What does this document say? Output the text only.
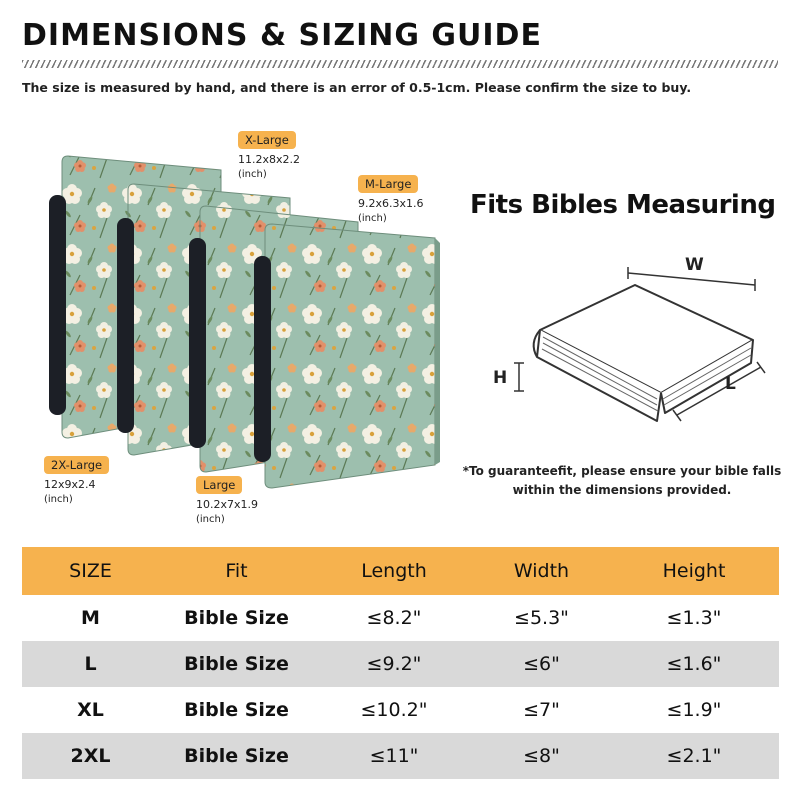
DIMENSIONS & SIZING GUIDE

The size is measured by hand, and there is an error of 0.5-1cm. Please confirm the size to buy.

X-Large
11.2x8x2.2
(inch)
M-Large
9.2x6.3x1.6
(inch)
2X-Large
12x9x2.4
(inch)
Large
10.2x7x1.9
(inch)
Fits Bibles Measuring
W
H	L
*To guaranteefit, please ensure your bible falls
within the dimensions provided.
SIZE	Fit	Length	Width	Height
M	Bible Size	≤8.2"	≤5.3"	≤1.3"
L	Bible Size	≤9.2"	≤6"	≤1.6"
XL	Bible Size	≤10.2"	≤7"	≤1.9"
2XL	Bible Size	≤11"	≤8"	≤2.1"
